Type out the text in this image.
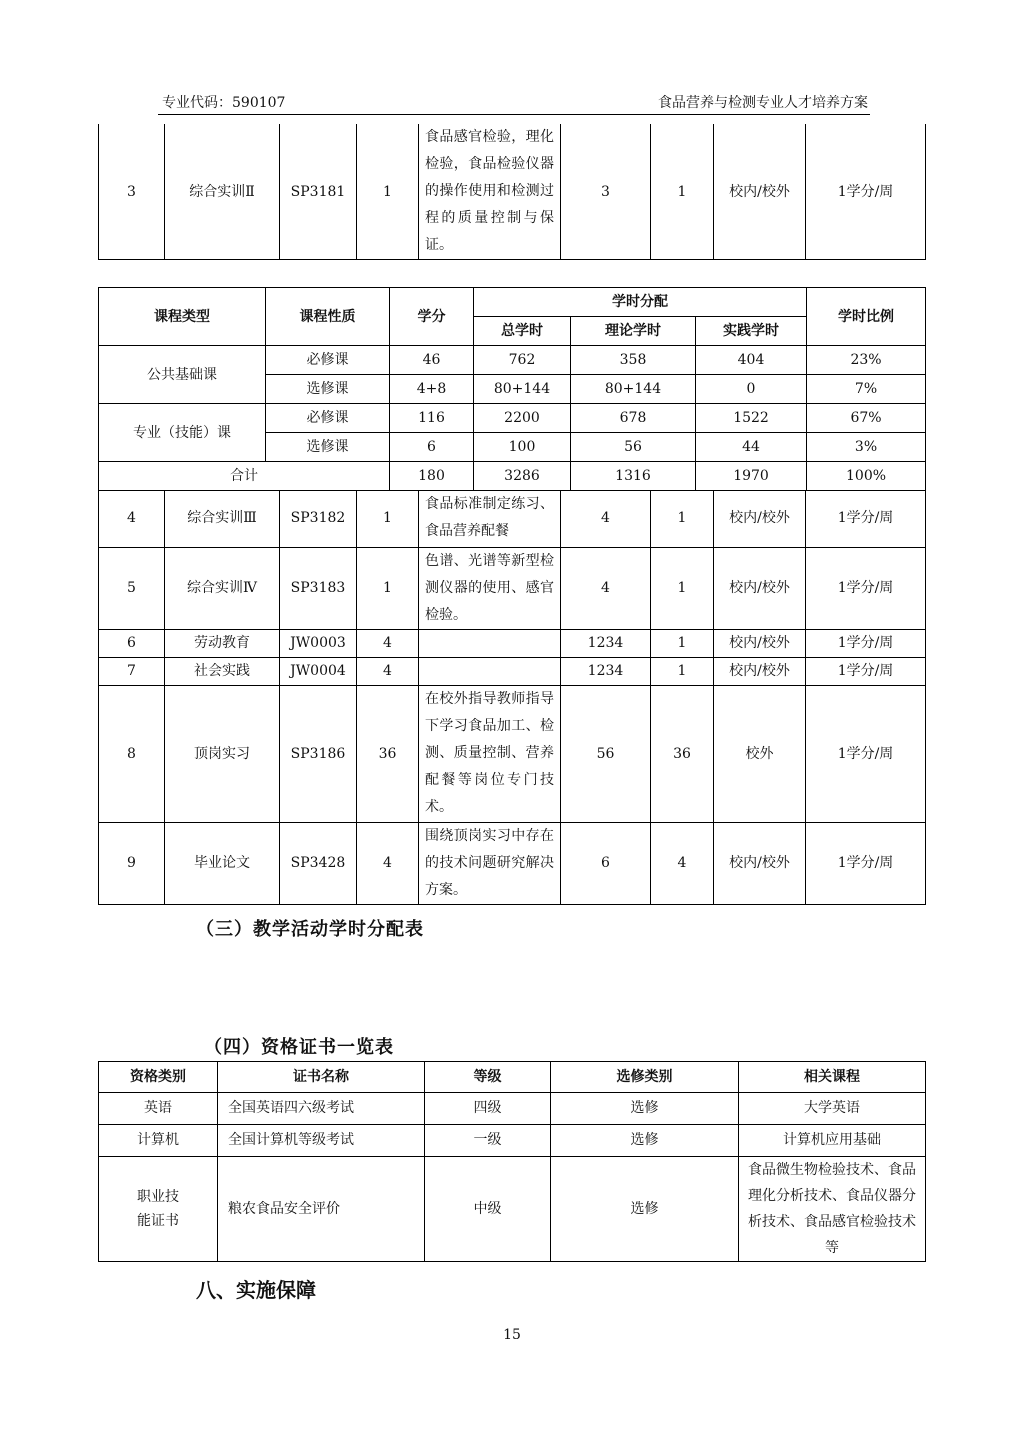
专业代码：590107	食品营养与检测专业人才培养方案
3	综合实训Ⅱ	SP3181	1	食品感官检验，理化检验，食品检验仪器的操作使用和检测过程的质量控制与保证。	3	1	校内/校外	1学分/周
课程类型	课程性质	学分	学时分配			学时比例
			总学时	理论学时	实践学时	
公共基础课	必修课	46	762	358	404	23%
	选修课	4+8	80+144	80+144	0	7%
专业（技能）课	必修课	116	2200	678	1522	67%
	选修课	6	100	56	44	3%
合计		180	3286	1316	1970	100%
4	综合实训Ⅲ	SP3182	1	食品标准制定练习、食品营养配餐	4	1	校内/校外	1学分/周
5	综合实训Ⅳ	SP3183	1	色谱、光谱等新型检测仪器的使用、感官检验。	4	1	校内/校外	1学分/周
6	劳动教育	JW0003	4		1234	1	校内/校外	1学分/周
7	社会实践	JW0004	4		1234	1	校内/校外	1学分/周
8	顶岗实习	SP3186	36	在校外指导教师指导下学习食品加工、检测、质量控制、营养配餐等岗位专门技术。	56	36	校外	1学分/周
9	毕业论文	SP3428	4	围绕顶岗实习中存在的技术问题研究解决方案。	6	4	校内/校外	1学分/周
（三）教学活动学时分配表
（四）资格证书一览表
资格类别	证书名称	等级	选修类别	相关课程
英语	全国英语四六级考试	四级	选修	大学英语
计算机	全国计算机等级考试	一级	选修	计算机应用基础
职业技能证书	粮农食品安全评价	中级	选修	食品微生物检验技术、食品理化分析技术、食品仪器分析技术、食品感官检验技术等
八、实施保障
15
